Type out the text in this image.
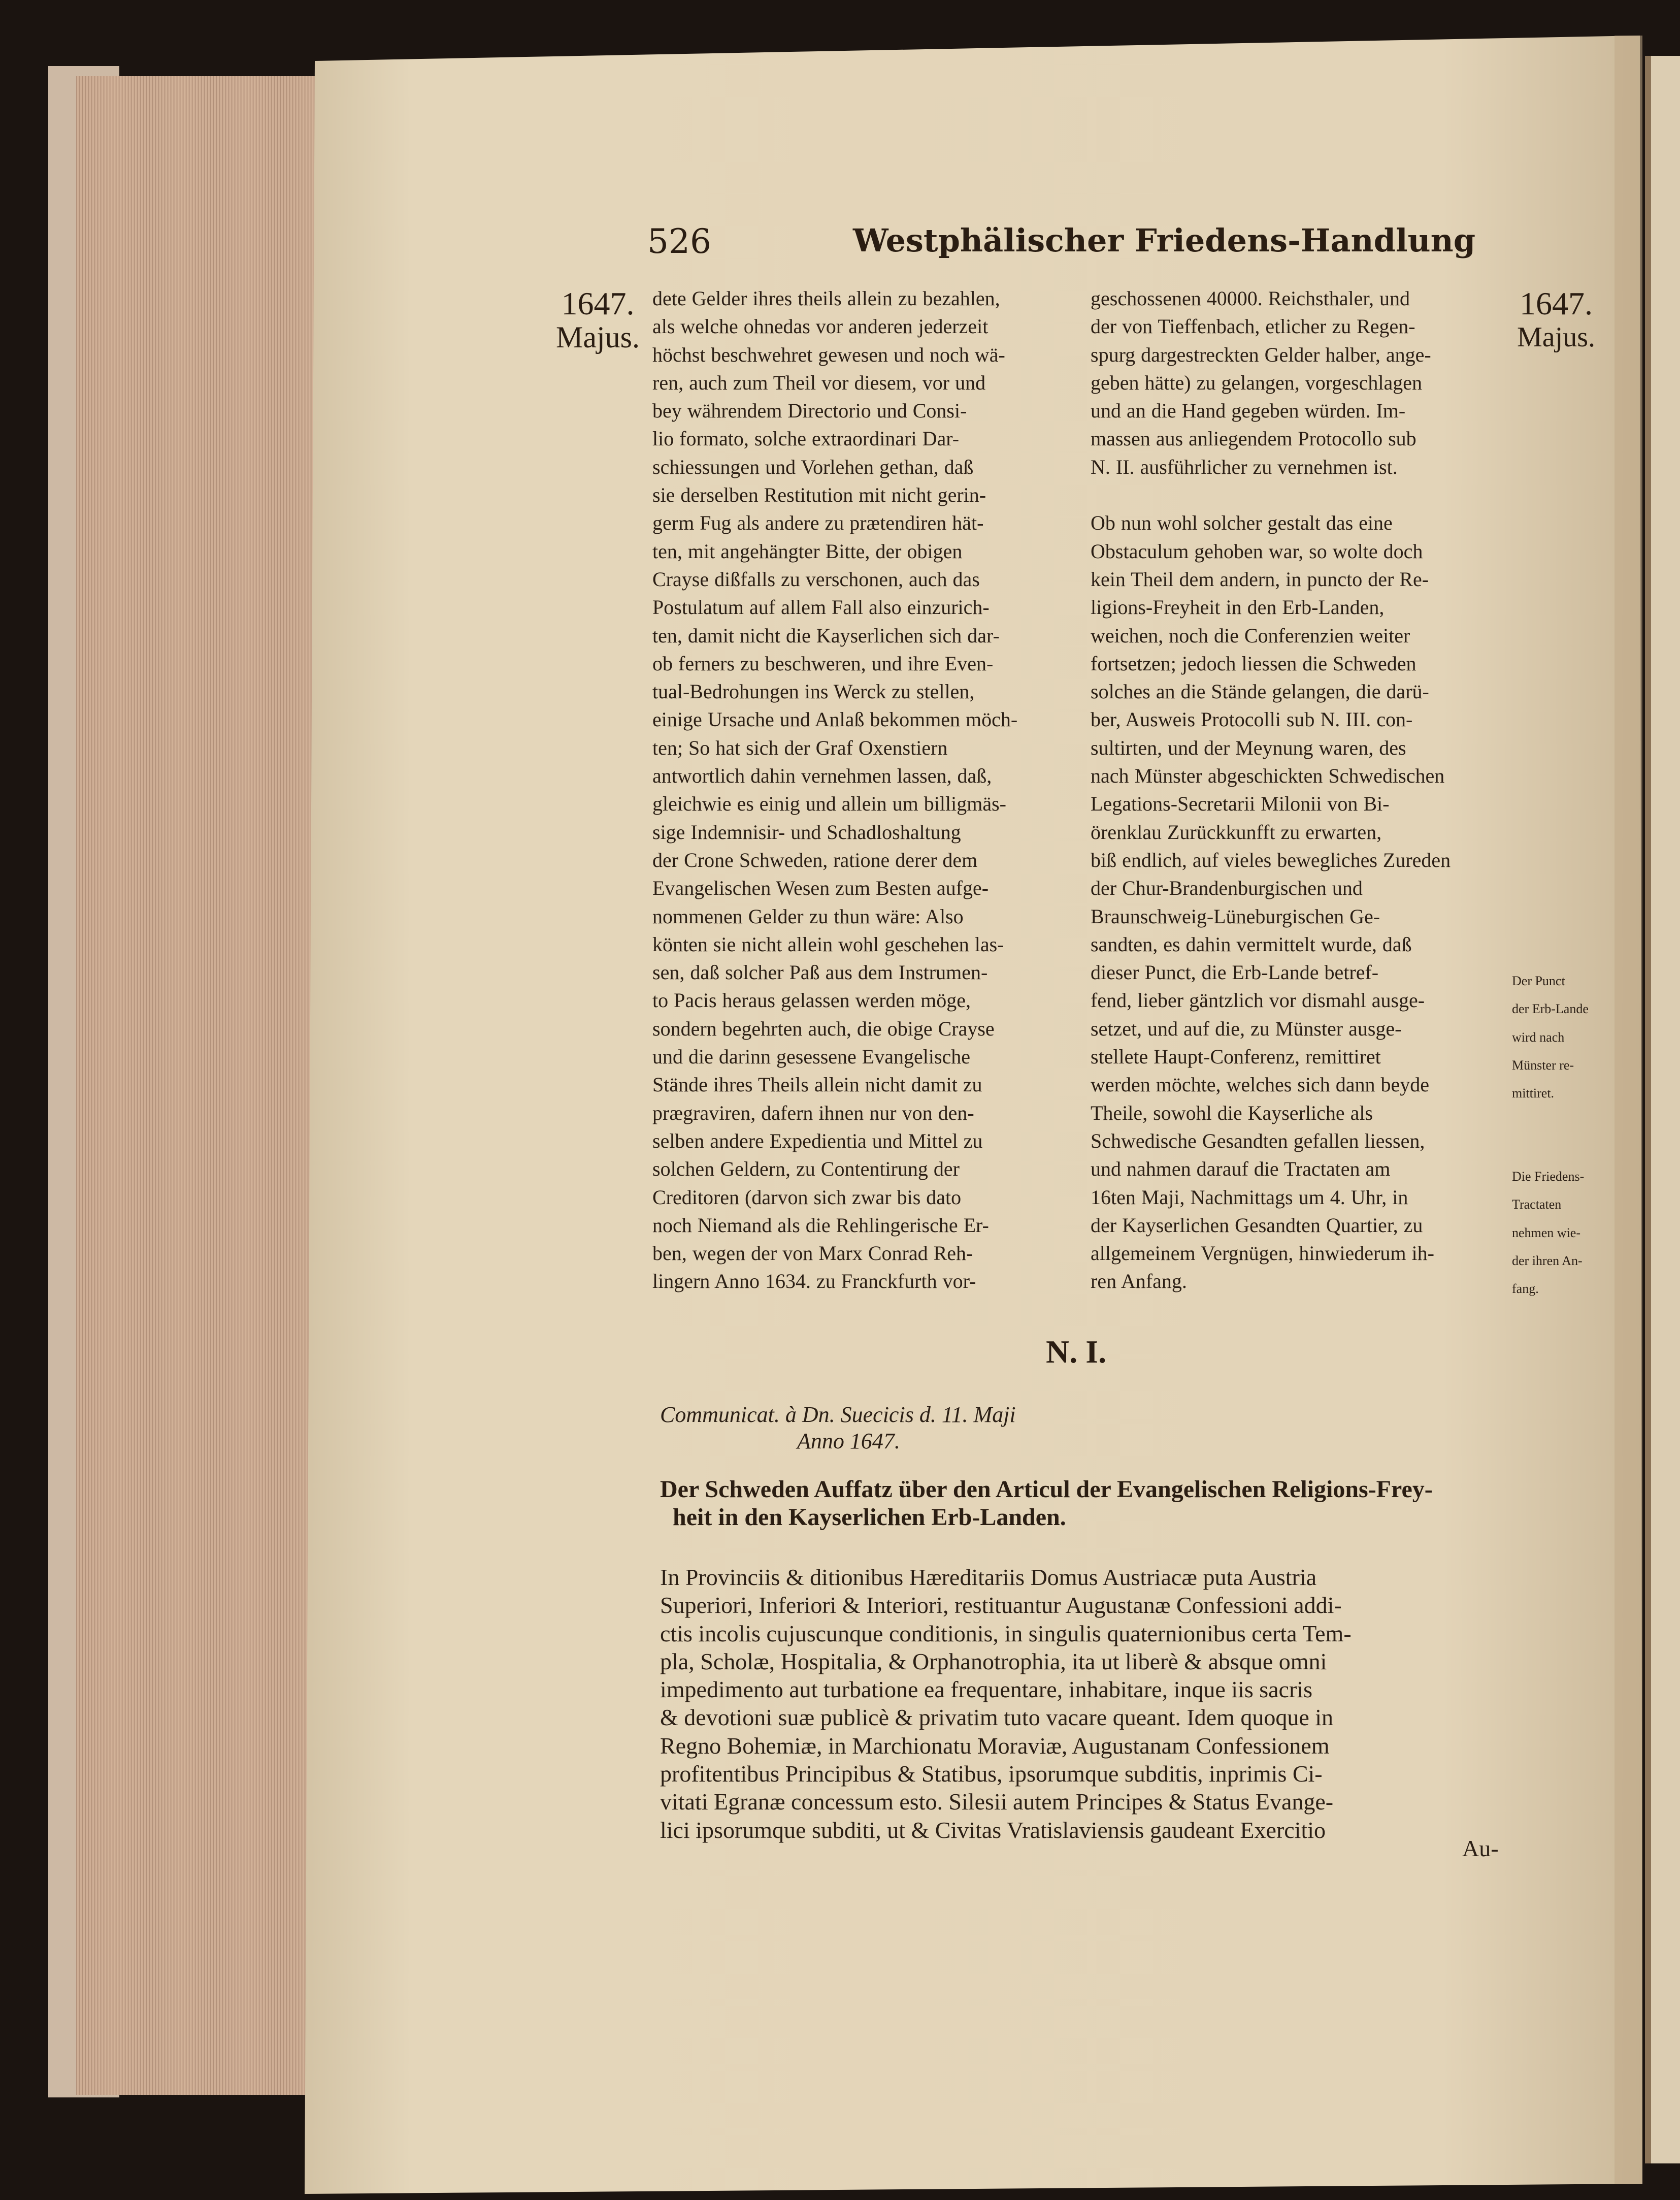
526	Westphälischer Friedens-Handlung
1647.
Majus.
1647.
Majus.
dete Gelder ihres theils allein zu bezahlen,
als welche ohnedas vor anderen jederzeit
höchst beschwehret gewesen und noch wä-
ren, auch zum Theil vor diesem, vor und
bey währendem Directorio und Consi-
lio formato, solche extraordinari Dar-
schiessungen und Vorlehen gethan, daß
sie derselben Restitution mit nicht gerin-
germ Fug als andere zu prætendiren hät-
ten, mit angehängter Bitte, der obigen
Crayse dißfalls zu verschonen, auch das
Postulatum auf allem Fall also einzurich-
ten, damit nicht die Kayserlichen sich dar-
ob ferners zu beschweren, und ihre Even-
tual-Bedrohungen ins Werck zu stellen,
einige Ursache und Anlaß bekommen möch-
ten; So hat sich der Graf Oxenstiern
antwortlich dahin vernehmen lassen, daß,
gleichwie es einig und allein um billigmäs-
sige Indemnisir- und Schadloshaltung
der Crone Schweden, ratione derer dem
Evangelischen Wesen zum Besten aufge-
nommenen Gelder zu thun wäre: Also
könten sie nicht allein wohl geschehen las-
sen, daß solcher Paß aus dem Instrumen-
to Pacis heraus gelassen werden möge,
sondern begehrten auch, die obige Crayse
und die darinn gesessene Evangelische
Stände ihres Theils allein nicht damit zu
prægraviren, dafern ihnen nur von den-
selben andere Expedientia und Mittel zu
solchen Geldern, zu Contentirung der
Creditoren (darvon sich zwar bis dato
noch Niemand als die Rehlingerische Er-
ben, wegen der von Marx Conrad Reh-
lingern Anno 1634. zu Franckfurth vor-
geschossenen 40000. Reichsthaler, und
der von Tieffenbach, etlicher zu Regen-
spurg dargestreckten Gelder halber, ange-
geben hätte) zu gelangen, vorgeschlagen
und an die Hand gegeben würden. Im-
massen aus anliegendem Protocollo sub
N. II. ausführlicher zu vernehmen ist.

Ob nun wohl solcher gestalt das eine
Obstaculum gehoben war, so wolte doch
kein Theil dem andern, in puncto der Re-
ligions-Freyheit in den Erb-Landen,
weichen, noch die Conferenzien weiter
fortsetzen; jedoch liessen die Schweden
solches an die Stände gelangen, die darü-
ber, Ausweis Protocolli sub N. III. con-
sultirten, und der Meynung waren, des
nach Münster abgeschickten Schwedischen
Legations-Secretarii Milonii von Bi-
örenklau Zurückkunfft zu erwarten,
biß endlich, auf vieles bewegliches Zureden
der Chur-Brandenburgischen und
Braunschweig-Lüneburgischen Ge-
sandten, es dahin vermittelt wurde, daß
dieser Punct, die Erb-Lande betref-
fend, lieber gäntzlich vor dismahl ausge-
setzet, und auf die, zu Münster ausge-
stellete Haupt-Conferenz, remittiret
werden möchte, welches sich dann beyde
Theile, sowohl die Kayserliche als
Schwedische Gesandten gefallen liessen,
und nahmen darauf die Tractaten am
16ten Maji, Nachmittags um 4. Uhr, in
der Kayserlichen Gesandten Quartier, zu
allgemeinem Vergnügen, hinwiederum ih-
ren Anfang.
Der Punct
der Erb-Lande
wird nach
Münster re-
mittiret.
Die Friedens-
Tractaten
nehmen wie-
der ihren An-
fang.
N. I.
Communicat. à Dn. Suecicis d. 11. Maji
Anno 1647.
Der Schweden Auffatz über den Articul der Evangelischen Religions-Frey-
heit in den Kayserlichen Erb-Landen.
In Provinciis & ditionibus Hæreditariis Domus Austriacæ puta Austria
Superiori, Inferiori & Interiori, restituantur Augustanæ Confessioni addi-
ctis incolis cujuscunque conditionis, in singulis quaternionibus certa Tem-
pla, Scholæ, Hospitalia, & Orphanotrophia, ita ut liberè & absque omni
impedimento aut turbatione ea frequentare, inhabitare, inque iis sacris
& devotioni suæ publicè & privatim tuto vacare queant. Idem quoque in
Regno Bohemiæ, in Marchionatu Moraviæ, Augustanam Confessionem
profitentibus Principibus & Statibus, ipsorumque subditis, inprimis Ci-
vitati Egranæ concessum esto. Silesii autem Principes & Status Evange-
lici ipsorumque subditi, ut & Civitas Vratislaviensis gaudeant Exercitio
Au-
